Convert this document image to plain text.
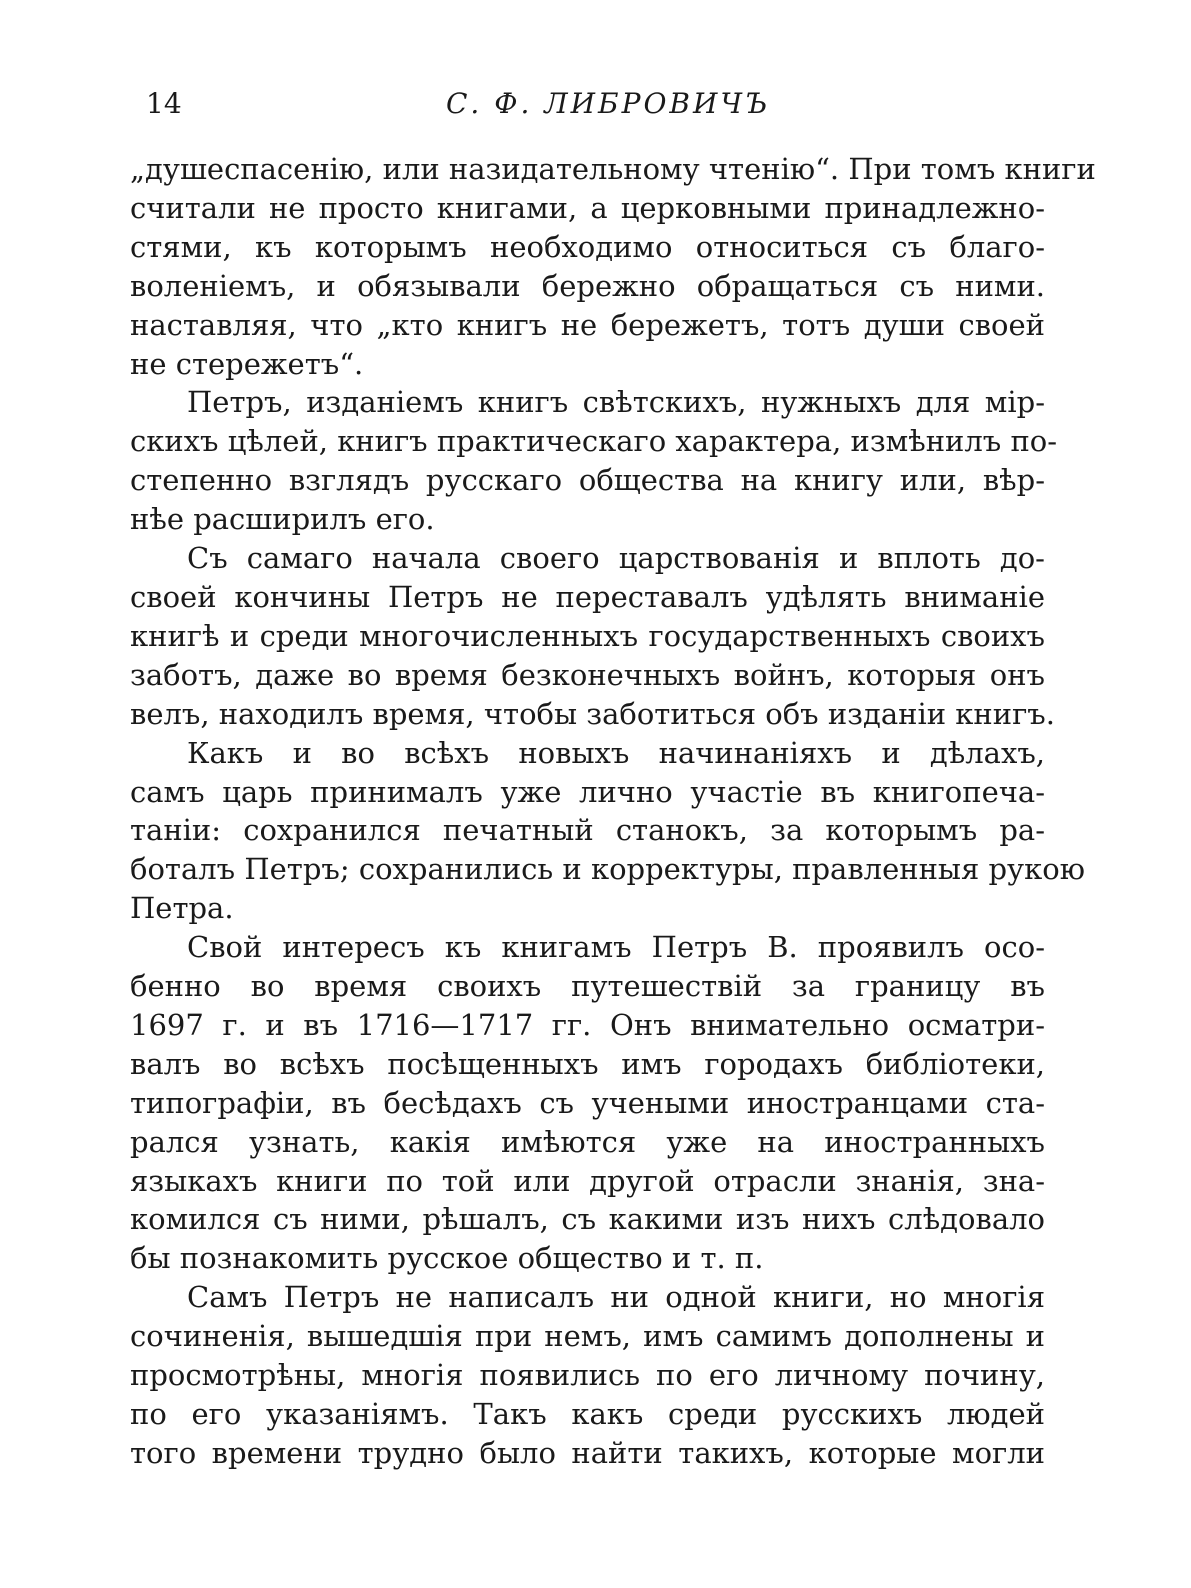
14	С. Ф. ЛИБРОВИЧЪ
„душеспасенію, или назидательному чтенію“. При томъ книги
считали не просто книгами, а церковными принадлежно-
стями, къ которымъ необходимо относиться съ благо-
воленіемъ, и обязывали бережно обращаться съ ними.
наставляя, что „кто книгъ не бережетъ, тотъ души своей
не стережетъ“.
Петръ, изданіемъ книгъ свѣтскихъ, нужныхъ для мір-
скихъ цѣлей, книгъ практическаго характера, измѣнилъ по-
степенно взглядъ русскаго общества на книгу или, вѣр-
нѣе расширилъ его.
Съ самаго начала своего царствованія и вплоть до-
своей кончины Петръ не переставалъ удѣлять вниманіе
книгѣ и среди многочисленныхъ государственныхъ своихъ
заботъ, даже во время безконечныхъ войнъ, которыя онъ
велъ, находилъ время, чтобы заботиться объ изданіи книгъ.
Какъ и во всѣхъ новыхъ начинаніяхъ и дѣлахъ,
самъ царь принималъ уже лично участіе въ книгопеча-
таніи: сохранился печатный станокъ, за которымъ ра-
боталъ Петръ; сохранились и корректуры, правленныя рукою
Петра.
Свой интересъ къ книгамъ Петръ В. проявилъ осо-
бенно во время своихъ путешествій за границу въ
1697 г. и въ 1716—1717 гг. Онъ внимательно осматри-
валъ во всѣхъ посѣщенныхъ имъ городахъ библіотеки,
типографіи, въ бесѣдахъ съ учеными иностранцами ста-
рался узнать, какія имѣются уже на иностранныхъ
языкахъ книги по той или другой отрасли знанія, зна-
комился съ ними, рѣшалъ, съ какими изъ нихъ слѣдовало
бы познакомить русское общество и т. п.
Самъ Петръ не написалъ ни одной книги, но многія
сочиненія, вышедшія при немъ, имъ самимъ дополнены и
просмотрѣны, многія появились по его личному почину,
по его указаніямъ. Такъ какъ среди русскихъ людей
того времени трудно было найти такихъ, которые могли
